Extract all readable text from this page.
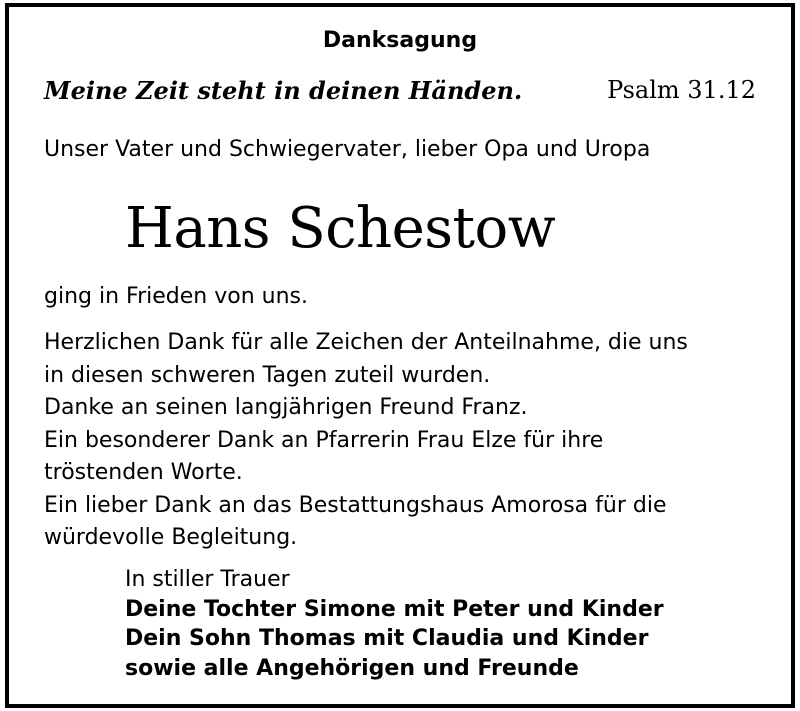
Danksagung
Meine Zeit steht in deinen Händen.	Psalm 31.12
Unser Vater und Schwiegervater, lieber Opa und Uropa
Hans Schestow
ging in Frieden von uns.
Herzlichen Dank für alle Zeichen der Anteilnahme, die uns
in diesen schweren Tagen zuteil wurden.
Danke an seinen langjährigen Freund Franz.
Ein besonderer Dank an Pfarrerin Frau Elze für ihre
tröstenden Worte.
Ein lieber Dank an das Bestattungshaus Amorosa für die
würdevolle Begleitung.
In stiller Trauer
Deine Tochter Simone mit Peter und Kinder
Dein Sohn Thomas mit Claudia und Kinder
sowie alle Angehörigen und Freunde
